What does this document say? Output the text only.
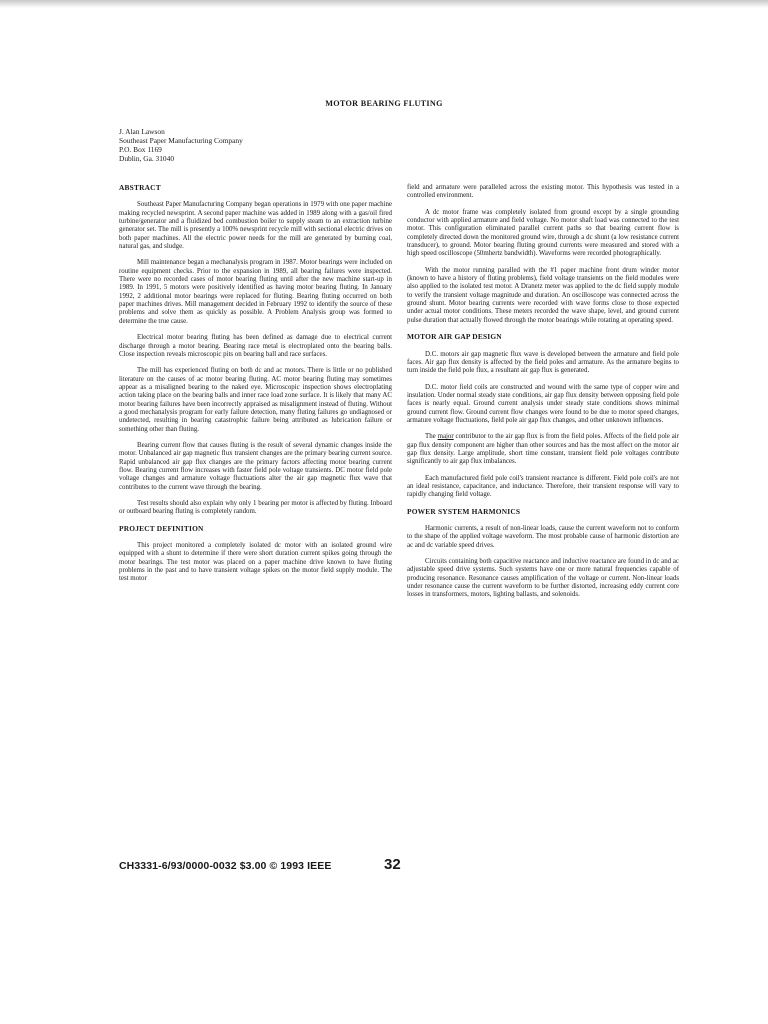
MOTOR BEARING FLUTING
J. Alan Lawson
Southeast Paper Manufacturing Company
P.O. Box 1169
Dublin, Ga. 31040
ABSTRACT

Southeast Paper Manufacturing Company began operations in 1979 with one paper machine making recycled newsprint. A second paper machine was added in 1989 along with a gas/oil fired turbine/generator and a fluidized bed combustion boiler to supply steam to an extraction turbine generator set. The mill is presently a 100% newsprint recycle mill with sectional electric drives on both paper machines. All the electric power needs for the mill are generated by burning coal, natural gas, and sludge.

Mill maintenance began a mechanalysis program in 1987. Motor bearings were included on routine equipment checks. Prior to the expansion in 1989, all bearing failures were inspected. There were no recorded cases of motor bearing fluting until after the new machine start-up in 1989. In 1991, 5 motors were positively identified as having motor bearing fluting. In January 1992, 2 additional motor bearings were replaced for fluting. Bearing fluting occurred on both paper machines drives. Mill management decided in February 1992 to identify the source of these problems and solve them as quickly as possible. A Problem Analysis group was formed to determine the true cause.

Electrical motor bearing fluting has been defined as damage due to electrical current discharge through a motor bearing. Bearing race metal is electroplated onto the bearing balls. Close inspection reveals microscopic pits on bearing ball and race surfaces.

The mill has experienced fluting on both dc and ac motors. There is little or no published literature on the causes of ac motor bearing fluting. AC motor bearing fluting may sometimes appear as a misaligned bearing to the naked eye. Microscopic inspection shows electroplating action taking place on the bearing balls and inner race load zone surface. It is likely that many AC motor bearing failures have been incorrectly appraised as misalignment instead of fluting. Without a good mechanalysis program for early failure detection, many fluting failures go undiagnosed or undetected, resulting in bearing catastrophic failure being attributed as lubrication failure or something other than fluting.

Bearing current flow that causes fluting is the result of several dynamic changes inside the motor. Unbalanced air gap magnetic flux transient changes are the primary bearing current source. Rapid unbalanced air gap flux changes are the primary factors affecting motor bearing current flow. Bearing current flow increases with faster field pole voltage transients. DC motor field pole voltage changes and armature voltage fluctuations alter the air gap magnetic flux wave that contributes to the current wave through the bearing.

Test results should also explain why only 1 bearing per motor is affected by fluting. Inboard or outboard bearing fluting is completely random.

PROJECT DEFINITION

This project monitored a completely isolated dc motor with an isolated ground wire equipped with a shunt to determine if there were short duration current spikes going through the motor bearings. The test motor was placed on a paper machine drive known to have fluting problems in the past and to have transient voltage spikes on the motor field supply module. The test motor

field and armature were paralleled across the existing motor. This hypothesis was tested in a controlled environment.

A dc motor frame was completely isolated from ground except by a single grounding conductor with applied armature and field voltage. No motor shaft load was connected to the test motor. This configuration eliminated parallel current paths so that bearing current flow is completely directed down the monitored ground wire, through a dc shunt (a low resistance current transducer), to ground. Motor bearing fluting ground currents were measured and stored with a high speed oscilloscope (50mhertz bandwidth). Waveforms were recorded photographically.

With the motor running paralled with the #1 paper machine front drum winder motor (known to have a history of fluting problems), field voltage transients on the field modules were also applied to the isolated test motor. A Dranetz meter was applied to the dc field supply module to verify the transient voltage magnitude and duration. An oscilloscope was connected across the ground shunt. Motor bearing currents were recorded with wave forms close to those expected under actual motor conditions. These meters recorded the wave shape, level, and ground current pulse duration that actually flowed through the motor bearings while rotating at operating speed.

MOTOR AIR GAP DESIGN

D.C. motors air gap magnetic flux wave is developed between the armature and field pole faces. Air gap flux density is affected by the field poles and armature. As the armature begins to turn inside the field pole flux, a resultant air gap flux is generated.

D.C. motor field coils are constructed and wound with the same type of copper wire and insulation. Under normal steady state conditions, air gap flux density between opposing field pole faces is nearly equal. Ground current analysis under steady state conditions shows minimal ground current flow. Ground current flow changes were found to be due to motor speed changes, armature voltage fluctuations, field pole air gap flux changes, and other unknown influences.

The major contributor to the air gap flux is from the field poles. Affects of the field pole air gap flux density component are higher than other sources and has the most affect on the motor air gap flux density. Large amplitude, short time constant, transient field pole voltages contribute significantly to air gap flux imbalances.

Each manufactured field pole coil's transient reactance is different. Field pole coil's are not an ideal resistance, capacitance, and inductance. Therefore, their transient response will vary to rapidly changing field voltage.

POWER SYSTEM HARMONICS

Harmonic currents, a result of non-linear loads, cause the current waveform not to conform to the shape of the applied voltage waveform. The most probable cause of harmonic distortion are ac and dc variable speed drives.

Circuits containing both capacitive reactance and inductive reactance are found in dc and ac adjustable speed drive systems. Such systems have one or more natural frequencies capable of producing resonance. Resonance causes amplification of the voltage or current. Non-linear loads under resonance cause the current waveform to be further distorted, increasing eddy current core losses in transformers, motors, lighting ballasts, and solenoids.

CH3331-6/93/0000-0032 $3.00 © 1993 IEEE	32
